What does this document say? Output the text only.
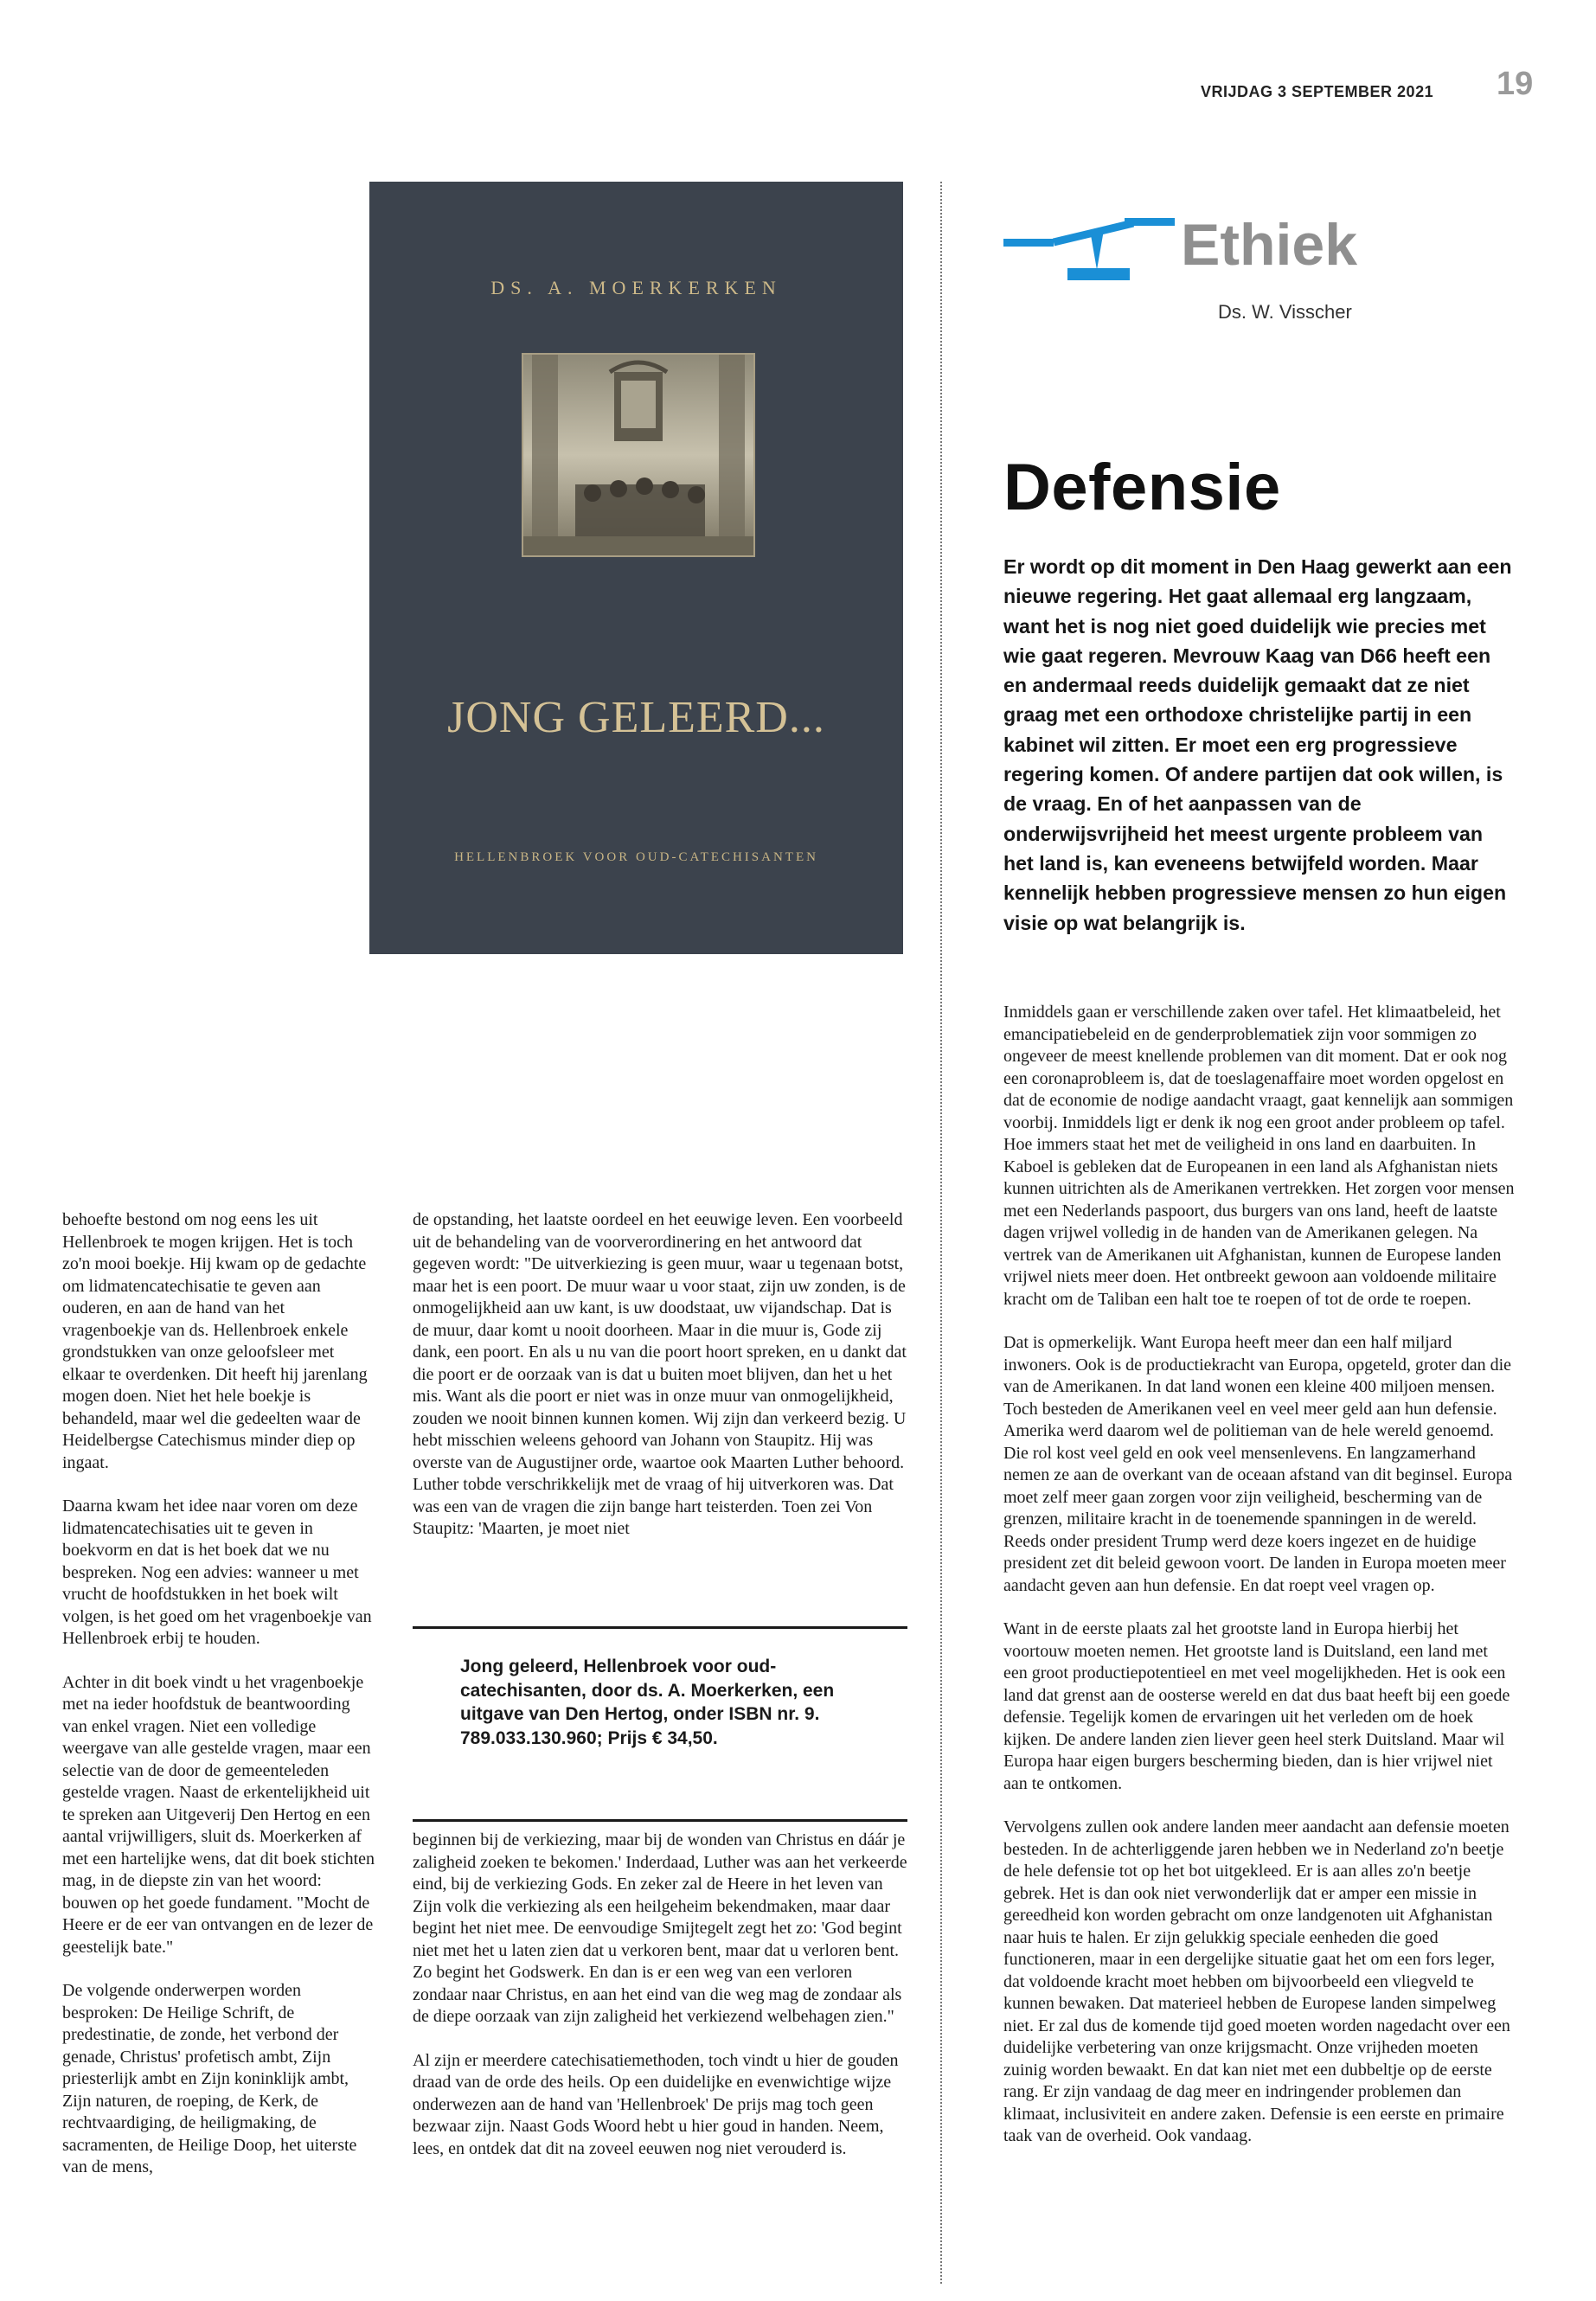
VRIJDAG 3 SEPTEMBER 2021 19
DS. A. MOERKERKEN
JONG GELEERD...
HELLENBROEK VOOR OUD-CATECHISANTEN
Ethiek
Ds. W. Visscher
Defensie
Er wordt op dit moment in Den Haag gewerkt aan een nieuwe regering. Het gaat allemaal erg langzaam, want het is nog niet goed duidelijk wie precies met wie gaat regeren. Mevrouw Kaag van D66 heeft een en andermaal reeds duidelijk gemaakt dat ze niet graag met een orthodoxe christelijke partij in een kabinet wil zitten. Er moet een erg progressieve regering komen. Of andere partijen dat ook willen, is de vraag. En of het aanpassen van de onderwijsvrijheid het meest urgente probleem van het land is, kan eveneens betwijfeld worden. Maar kennelijk hebben progressieve mensen zo hun eigen visie op wat belangrijk is.

Inmiddels gaan er verschillende zaken over tafel. Het klimaatbeleid, het emancipatiebeleid en de genderproblematiek zijn voor sommigen zo ongeveer de meest knellende problemen van dit moment. Dat er ook nog een coronaprobleem is, dat de toeslagenaffaire moet worden opgelost en dat de economie de nodige aandacht vraagt, gaat kennelijk aan sommigen voorbij. Inmiddels ligt er denk ik nog een groot ander probleem op tafel. Hoe immers staat het met de veiligheid in ons land en daarbuiten. In Kaboel is gebleken dat de Europeanen in een land als Afghanistan niets kunnen uitrichten als de Amerikanen vertrekken. Het zorgen voor mensen met een Nederlands paspoort, dus burgers van ons land, heeft de laatste dagen vrijwel volledig in de handen van de Amerikanen gelegen. Na vertrek van de Amerikanen uit Afghanistan, kunnen de Europese landen vrijwel niets meer doen. Het ontbreekt gewoon aan voldoende militaire kracht om de Taliban een halt toe te roepen of tot de orde te roepen.

Dat is opmerkelijk. Want Europa heeft meer dan een half miljard inwoners. Ook is de productiekracht van Europa, opgeteld, groter dan die van de Amerikanen. In dat land wonen een kleine 400 miljoen mensen. Toch besteden de Amerikanen veel en veel meer geld aan hun defensie. Amerika werd daarom wel de politieman van de hele wereld genoemd. Die rol kost veel geld en ook veel mensenlevens. En langzamerhand nemen ze aan de overkant van de oceaan afstand van dit beginsel. Europa moet zelf meer gaan zorgen voor zijn veiligheid, bescherming van de grenzen, militaire kracht in de toenemende spanningen in de wereld. Reeds onder president Trump werd deze koers ingezet en de huidige president zet dit beleid gewoon voort. De landen in Europa moeten meer aandacht geven aan hun defensie. En dat roept veel vragen op.

Want in de eerste plaats zal het grootste land in Europa hierbij het voortouw moeten nemen. Het grootste land is Duitsland, een land met een groot productiepotentieel en met veel mogelijkheden. Het is ook een land dat grenst aan de oosterse wereld en dat dus baat heeft bij een goede defensie. Tegelijk komen de ervaringen uit het verleden om de hoek kijken. De andere landen zien liever geen heel sterk Duitsland. Maar wil Europa haar eigen burgers bescherming bieden, dan is hier vrijwel niet aan te ontkomen.

Vervolgens zullen ook andere landen meer aandacht aan defensie moeten besteden. In de achterliggende jaren hebben we in Nederland zo'n beetje de hele defensie tot op het bot uitgekleed. Er is aan alles zo'n beetje gebrek. Het is dan ook niet verwonderlijk dat er amper een missie in gereedheid kon worden gebracht om onze landgenoten uit Afghanistan naar huis te halen. Er zijn gelukkig speciale eenheden die goed functioneren, maar in een dergelijke situatie gaat het om een fors leger, dat voldoende kracht moet hebben om bijvoorbeeld een vliegveld te kunnen bewaken. Dat materieel hebben de Europese landen simpelweg niet. Er zal dus de komende tijd goed moeten worden nagedacht over een duidelijke verbetering van onze krijgsmacht. Onze vrijheden moeten zuinig worden bewaakt. En dat kan niet met een dubbeltje op de eerste rang. Er zijn vandaag de dag meer en indringender problemen dan klimaat, inclusiviteit en andere zaken. Defensie is een eerste en primaire taak van de overheid. Ook vandaag.

behoefte bestond om nog eens les uit Hellenbroek te mogen krijgen. Het is toch zo'n mooi boekje. Hij kwam op de gedachte om lidmatencatechisatie te geven aan ouderen, en aan de hand van het vragenboekje van ds. Hellenbroek enkele grondstukken van onze geloofsleer met elkaar te overdenken. Dit heeft hij jarenlang mogen doen. Niet het hele boekje is behandeld, maar wel die gedeelten waar de Heidelbergse Catechismus minder diep op ingaat.

Daarna kwam het idee naar voren om deze lidmatencatechisaties uit te geven in boekvorm en dat is het boek dat we nu bespreken. Nog een advies: wanneer u met vrucht de hoofdstukken in het boek wilt volgen, is het goed om het vragenboekje van Hellenbroek erbij te houden.

Achter in dit boek vindt u het vragenboekje met na ieder hoofdstuk de beantwoording van enkel vragen. Niet een volledige weergave van alle gestelde vragen, maar een selectie van de door de gemeenteleden gestelde vragen. Naast de erkentelijkheid uit te spreken aan Uitgeverij Den Hertog en een aantal vrijwilligers, sluit ds. Moerkerken af met een hartelijke wens, dat dit boek stichten mag, in de diepste zin van het woord: bouwen op het goede fundament. "Mocht de Heere er de eer van ontvangen en de lezer de geestelijk bate."

De volgende onderwerpen worden besproken: De Heilige Schrift, de predestinatie, de zonde, het verbond der genade, Christus' profetisch ambt, Zijn priesterlijk ambt en Zijn koninklijk ambt, Zijn naturen, de roeping, de Kerk, de rechtvaardiging, de heiligmaking, de sacramenten, de Heilige Doop, het uiterste van de mens,

de opstanding, het laatste oordeel en het eeuwige leven. Een voorbeeld uit de behandeling van de voorverordinering en het antwoord dat gegeven wordt: "De uitverkiezing is geen muur, waar u tegenaan botst, maar het is een poort. De muur waar u voor staat, zijn uw zonden, is de onmogelijkheid aan uw kant, is uw doodstaat, uw vijandschap. Dat is de muur, daar komt u nooit doorheen. Maar in die muur is, Gode zij dank, een poort. En als u nu van die poort hoort spreken, en u dankt dat die poort er de oorzaak van is dat u buiten moet blijven, dan het u het mis. Want als die poort er niet was in onze muur van onmogelijkheid, zouden we nooit binnen kunnen komen. Wij zijn dan verkeerd bezig. U hebt misschien weleens gehoord van Johann von Staupitz. Hij was overste van de Augustijner orde, waartoe ook Maarten Luther behoord. Luther tobde verschrikkelijk met de vraag of hij uitverkoren was. Dat was een van de vragen die zijn bange hart teisterden. Toen zei Von Staupitz: 'Maarten, je moet niet

Jong geleerd, Hellenbroek voor oud-catechisanten, door ds. A. Moerkerken, een uitgave van Den Hertog, onder ISBN nr. 9. 789.033.130.960; Prijs € 34,50.

beginnen bij de verkiezing, maar bij de wonden van Christus en dáár je zaligheid zoeken te bekomen.' Inderdaad, Luther was aan het verkeerde eind, bij de verkiezing Gods. En zeker zal de Heere in het leven van Zijn volk die verkiezing als een heilgeheim bekendmaken, maar daar begint het niet mee. De eenvoudige Smijtegelt zegt het zo: 'God begint niet met het u laten zien dat u verkoren bent, maar dat u verloren bent. Zo begint het Godswerk. En dan is er een weg van een verloren zondaar naar Christus, en aan het eind van die weg mag de zondaar als de diepe oorzaak van zijn zaligheid het verkiezend welbehagen zien."

Al zijn er meerdere catechisatiemethoden, toch vindt u hier de gouden draad van de orde des heils. Op een duidelijke en evenwichtige wijze onderwezen aan de hand van 'Hellenbroek' De prijs mag toch geen bezwaar zijn. Naast Gods Woord hebt u hier goud in handen. Neem, lees, en ontdek dat dit na zoveel eeuwen nog niet verouderd is.
